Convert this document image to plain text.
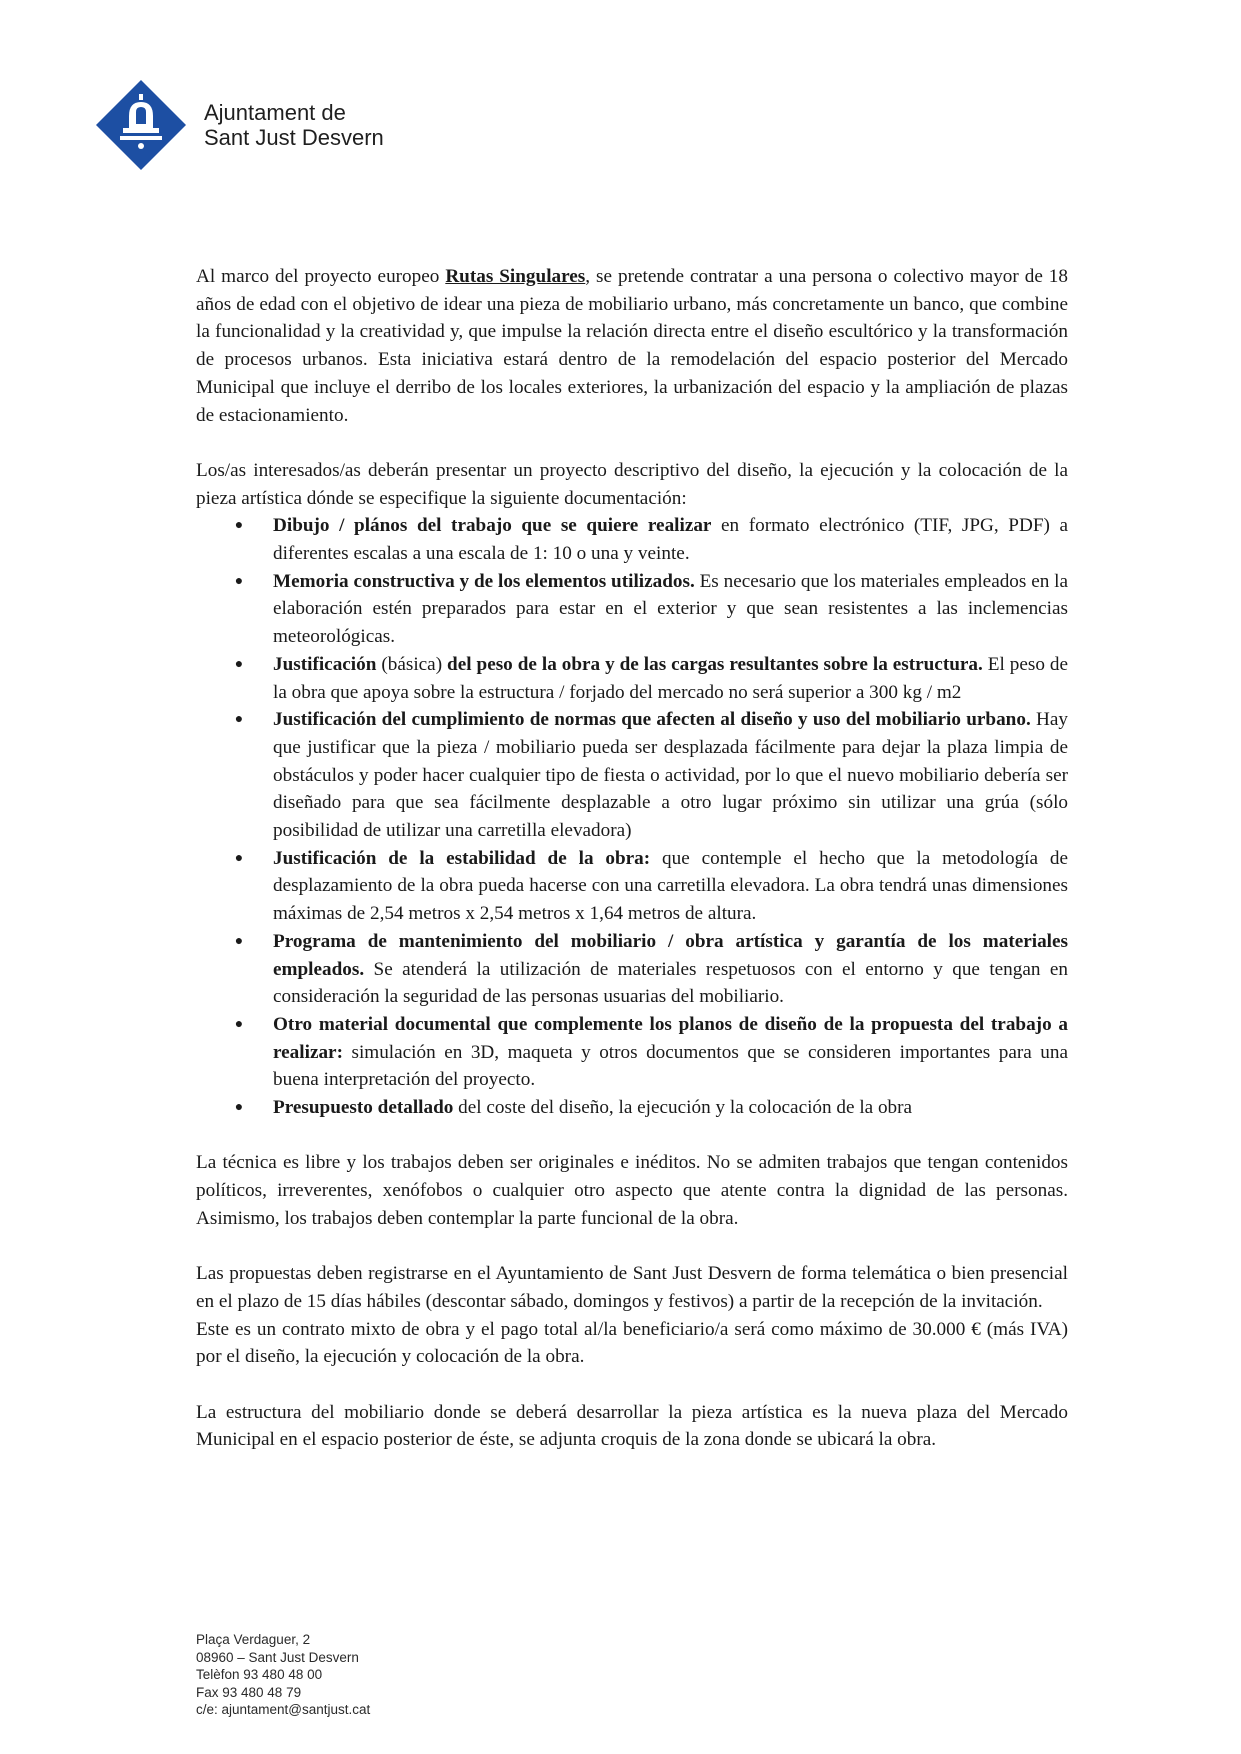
Ajuntament de
Sant Just Desvern

Al marco del proyecto europeo Rutas Singulares, se pretende contratar a una persona o colectivo mayor de 18 años de edad con el objetivo de idear una pieza de mobiliario urbano, más concretamente un banco, que combine la funcionalidad y la creatividad y, que impulse la relación directa entre el diseño escultórico y la transformación de procesos urbanos. Esta iniciativa estará dentro de la remodelación del espacio posterior del Mercado Municipal que incluye el derribo de los locales exteriores, la urbanización del espacio y la ampliación de plazas de estacionamiento.

Los/as interesados/as deberán presentar un proyecto descriptivo del diseño, la ejecución y la colocación de la pieza artística dónde se especifique la siguiente documentación:

● Dibujo / plános del trabajo que se quiere realizar en formato electrónico (TIF, JPG, PDF) a diferentes escalas a una escala de 1: 10 o una y veinte.
● Memoria constructiva y de los elementos utilizados. Es necesario que los materiales empleados en la elaboración estén preparados para estar en el exterior y que sean resistentes a las inclemencias meteorológicas.
● Justificación (básica) del peso de la obra y de las cargas resultantes sobre la estructura. El peso de la obra que apoya sobre la estructura / forjado del mercado no será superior a 300 kg / m2
● Justificación del cumplimiento de normas que afecten al diseño y uso del mobiliario urbano. Hay que justificar que la pieza / mobiliario pueda ser desplazada fácilmente para dejar la plaza limpia de obstáculos y poder hacer cualquier tipo de fiesta o actividad, por lo que el nuevo mobiliario debería ser diseñado para que sea fácilmente desplazable a otro lugar próximo sin utilizar una grúa (sólo posibilidad de utilizar una carretilla elevadora)
● Justificación de la estabilidad de la obra: que contemple el hecho que la metodología de desplazamiento de la obra pueda hacerse con una carretilla elevadora. La obra tendrá unas dimensiones máximas de 2,54 metros x 2,54 metros x 1,64 metros de altura.
● Programa de mantenimiento del mobiliario / obra artística y garantía de los materiales empleados. Se atenderá la utilización de materiales respetuosos con el entorno y que tengan en consideración la seguridad de las personas usuarias del mobiliario.
● Otro material documental que complemente los planos de diseño de la propuesta del trabajo a realizar: simulación en 3D, maqueta y otros documentos que se consideren importantes para una buena interpretación del proyecto.
● Presupuesto detallado del coste del diseño, la ejecución y la colocación de la obra

La técnica es libre y los trabajos deben ser originales e inéditos. No se admiten trabajos que tengan contenidos políticos, irreverentes, xenófobos o cualquier otro aspecto que atente contra la dignidad de las personas. Asimismo, los trabajos deben contemplar la parte funcional de la obra.

Las propuestas deben registrarse en el Ayuntamiento de Sant Just Desvern de forma telemática o bien presencial en el plazo de 15 días hábiles (descontar sábado, domingos y festivos) a partir de la recepción de la invitación.

Este es un contrato mixto de obra y el pago total al/la beneficiario/a será como máximo de 30.000 € (más IVA) por el diseño, la ejecución y colocación de la obra.

La estructura del mobiliario donde se deberá desarrollar la pieza artística es la nueva plaza del Mercado Municipal en el espacio posterior de éste, se adjunta croquis de la zona donde se ubicará la obra.

Plaça Verdaguer, 2
08960 – Sant Just Desvern
Telèfon 93 480 48 00
Fax 93 480 48 79
c/e: ajuntament@santjust.cat
